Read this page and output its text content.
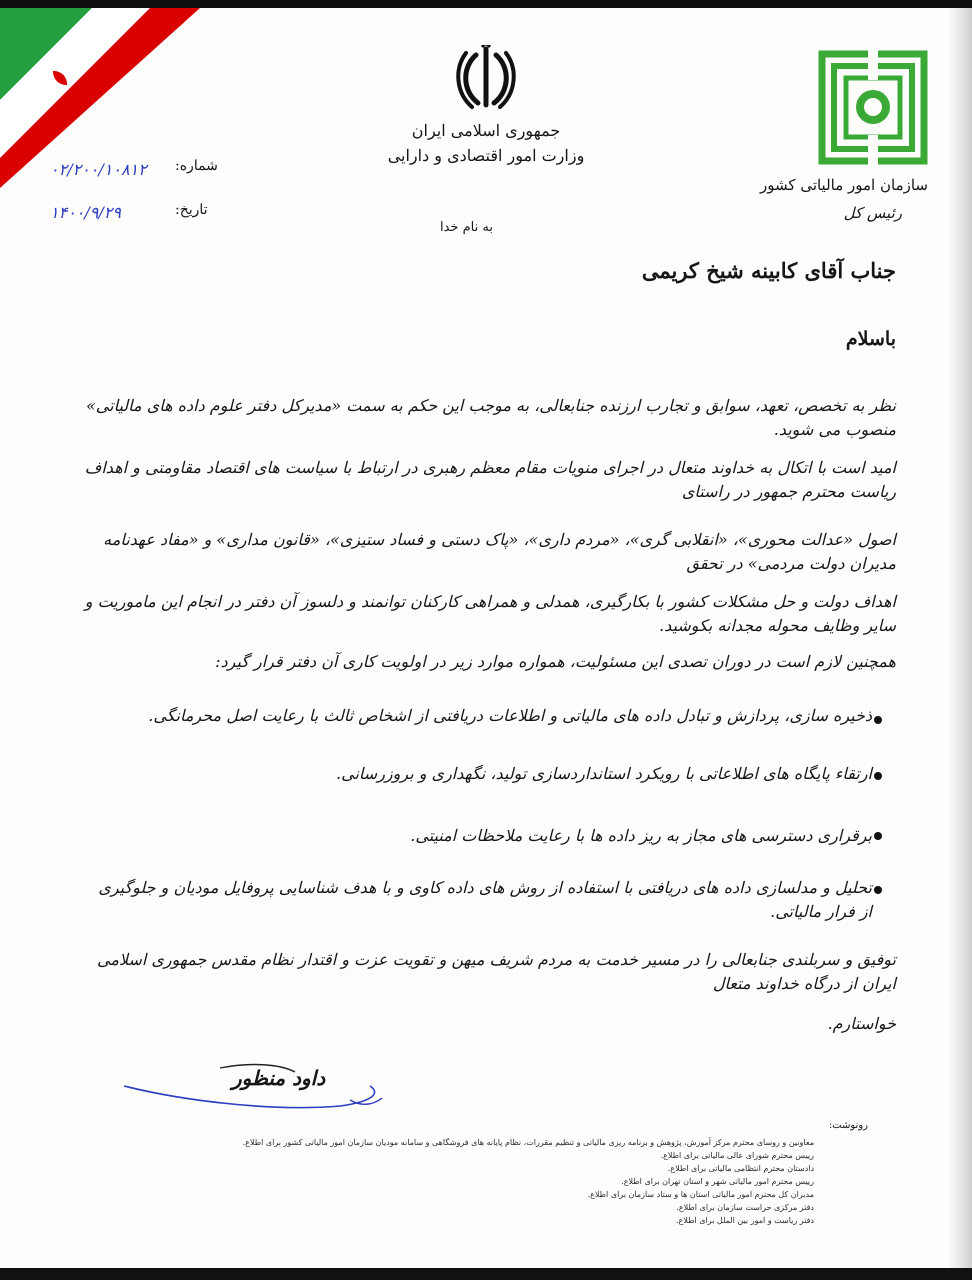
جمهوری اسلامی ایران
وزارت امور اقتصادی و دارایی
سازمان امور مالیاتی کشور
رئیس کل
به نام خدا
شماره:
۰۲/۲۰۰/۱۰۸۱۲
تاریخ:
۱۴۰۰/۹/۲۹
جناب آقای کابینه شیخ کریمی
باسلام
نظر به تخصص، تعهد، سوابق و تجارب ارزنده جنابعالی، به موجب این حکم به سمت «مدیرکل دفتر علوم داده های مالیاتی» منصوب می شوید.
امید است با اتکال به خداوند متعال در اجرای منویات مقام معظم رهبری در ارتباط با سیاست های اقتصاد مقاومتی و اهداف ریاست محترم جمهور در راستای
اصول «عدالت محوری»، «انقلابی گری»، «مردم داری»، «پاک دستی و فساد ستیزی»، «قانون مداری» و «مفاد عهدنامه مدیران دولت مردمی» در تحقق
اهداف دولت و حل مشکلات کشور با بکارگیری، همدلی و همراهی کارکنان توانمند و دلسوز آن دفتر در انجام این ماموریت و سایر وظایف محوله مجدانه بکوشید.
همچنین لازم است در دوران تصدی این مسئولیت، همواره موارد زیر در اولویت کاری آن دفتر قرار گیرد:
ذخیره سازی، پردازش و تبادل داده های مالیاتی و اطلاعات دریافتی از اشخاص ثالث با رعایت اصل محرمانگی.
ارتقاء پایگاه های اطلاعاتی با رویکرد استانداردسازی تولید، نگهداری و بروزرسانی.
برقراری دسترسی های مجاز به ریز داده ها با رعایت ملاحظات امنیتی.
تحلیل و مدلسازی داده های دریافتی با استفاده از روش های داده کاوی و با هدف شناسایی پروفایل مودیان و جلوگیری از فرار مالیاتی.
توفیق و سربلندی جنابعالی را در مسیر خدمت به مردم شریف میهن و تقویت عزت و اقتدار نظام مقدس جمهوری اسلامی ایران از درگاه خداوند متعال
خواستارم.
داود منظور
رونوشت:
معاونین و روسای محترم مرکز آموزش، پژوهش و برنامه ریزی مالیاتی و تنظیم مقررات، نظام پایانه های فروشگاهی و سامانه مودیان سازمان امور مالیاتی کشور برای اطلاع.
رییس محترم شورای عالی مالیاتی برای اطلاع.
دادستان محترم انتظامی مالیاتی برای اطلاع.
رییس محترم امور مالیاتی شهر و استان تهران برای اطلاع.
مدیران کل محترم امور مالیاتی استان ها و ستاد سازمان برای اطلاع.
دفتر مرکزی حراست سازمان برای اطلاع.
دفتر ریاست و امور بین الملل برای اطلاع.
